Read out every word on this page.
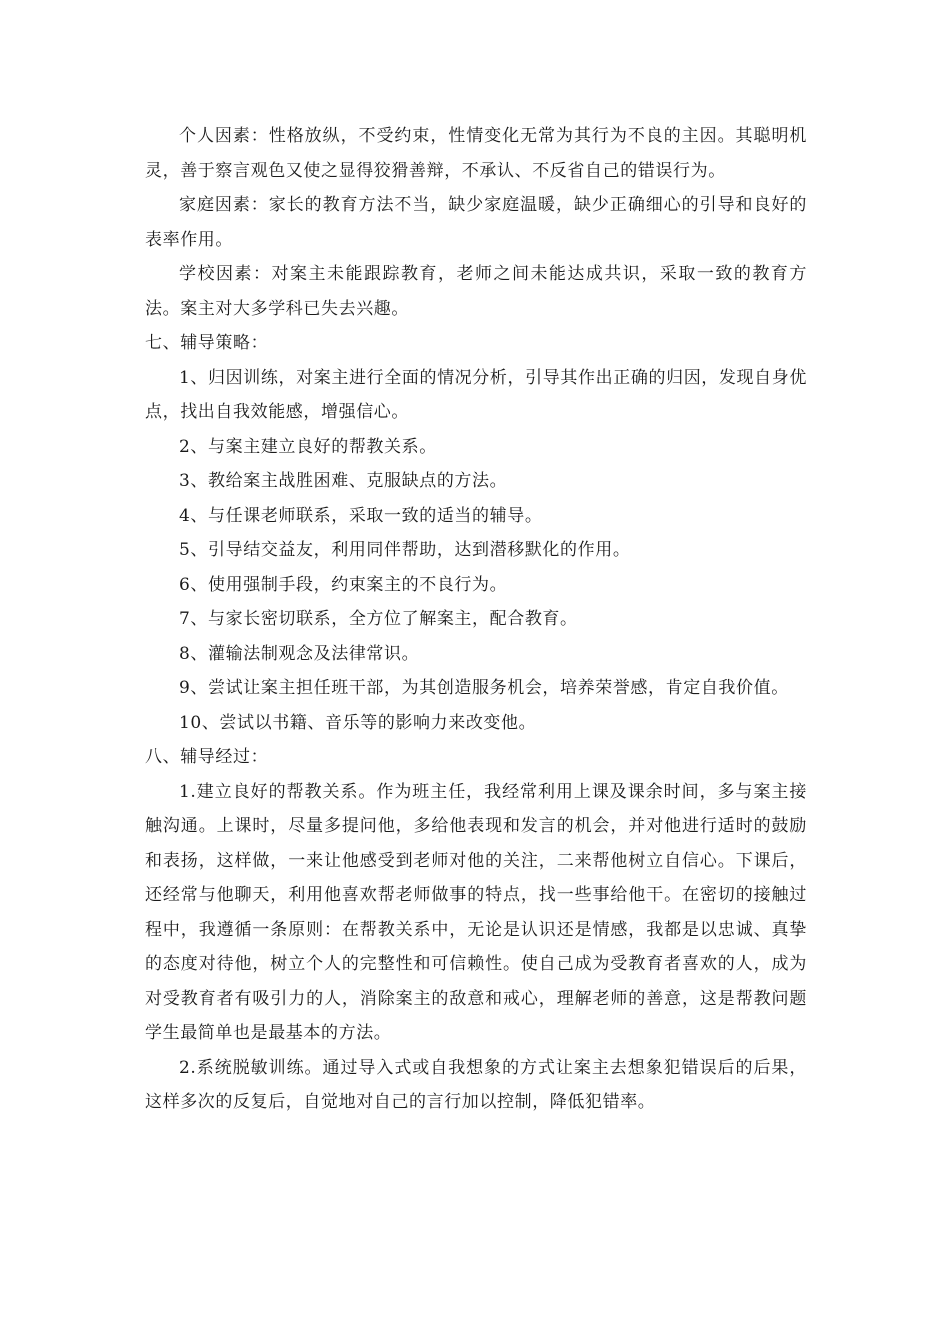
个人因素：性格放纵，不受约束，性情变化无常为其行为不良的主因。其聪明机灵，善于察言观色又使之显得狡猾善辩，不承认、不反省自己的错误行为。

家庭因素：家长的教育方法不当，缺少家庭温暖，缺少正确细心的引导和良好的表率作用。

学校因素：对案主未能跟踪教育，老师之间未能达成共识，采取一致的教育方法。案主对大多学科已失去兴趣。

七、辅导策略：

1、归因训练，对案主进行全面的情况分析，引导其作出正确的归因，发现自身优点，找出自我效能感，增强信心。

2、与案主建立良好的帮教关系。

3、教给案主战胜困难、克服缺点的方法。

4、与任课老师联系，采取一致的适当的辅导。

5、引导结交益友，利用同伴帮助，达到潜移默化的作用。

6、使用强制手段，约束案主的不良行为。

7、与家长密切联系，全方位了解案主，配合教育。

8、灌输法制观念及法律常识。

9、尝试让案主担任班干部，为其创造服务机会，培养荣誉感，肯定自我价值。

10、尝试以书籍、音乐等的影响力来改变他。

八、辅导经过：

1.建立良好的帮教关系。作为班主任，我经常利用上课及课余时间，多与案主接触沟通。上课时，尽量多提问他，多给他表现和发言的机会，并对他进行适时的鼓励和表扬，这样做，一来让他感受到老师对他的关注，二来帮他树立自信心。下课后，还经常与他聊天，利用他喜欢帮老师做事的特点，找一些事给他干。在密切的接触过程中，我遵循一条原则：在帮教关系中，无论是认识还是情感，我都是以忠诚、真挚的态度对待他，树立个人的完整性和可信赖性。使自己成为受教育者喜欢的人，成为对受教育者有吸引力的人，消除案主的敌意和戒心，理解老师的善意，这是帮教问题学生最简单也是最基本的方法。

2.系统脱敏训练。通过导入式或自我想象的方式让案主去想象犯错误后的后果，这样多次的反复后，自觉地对自己的言行加以控制，降低犯错率。
